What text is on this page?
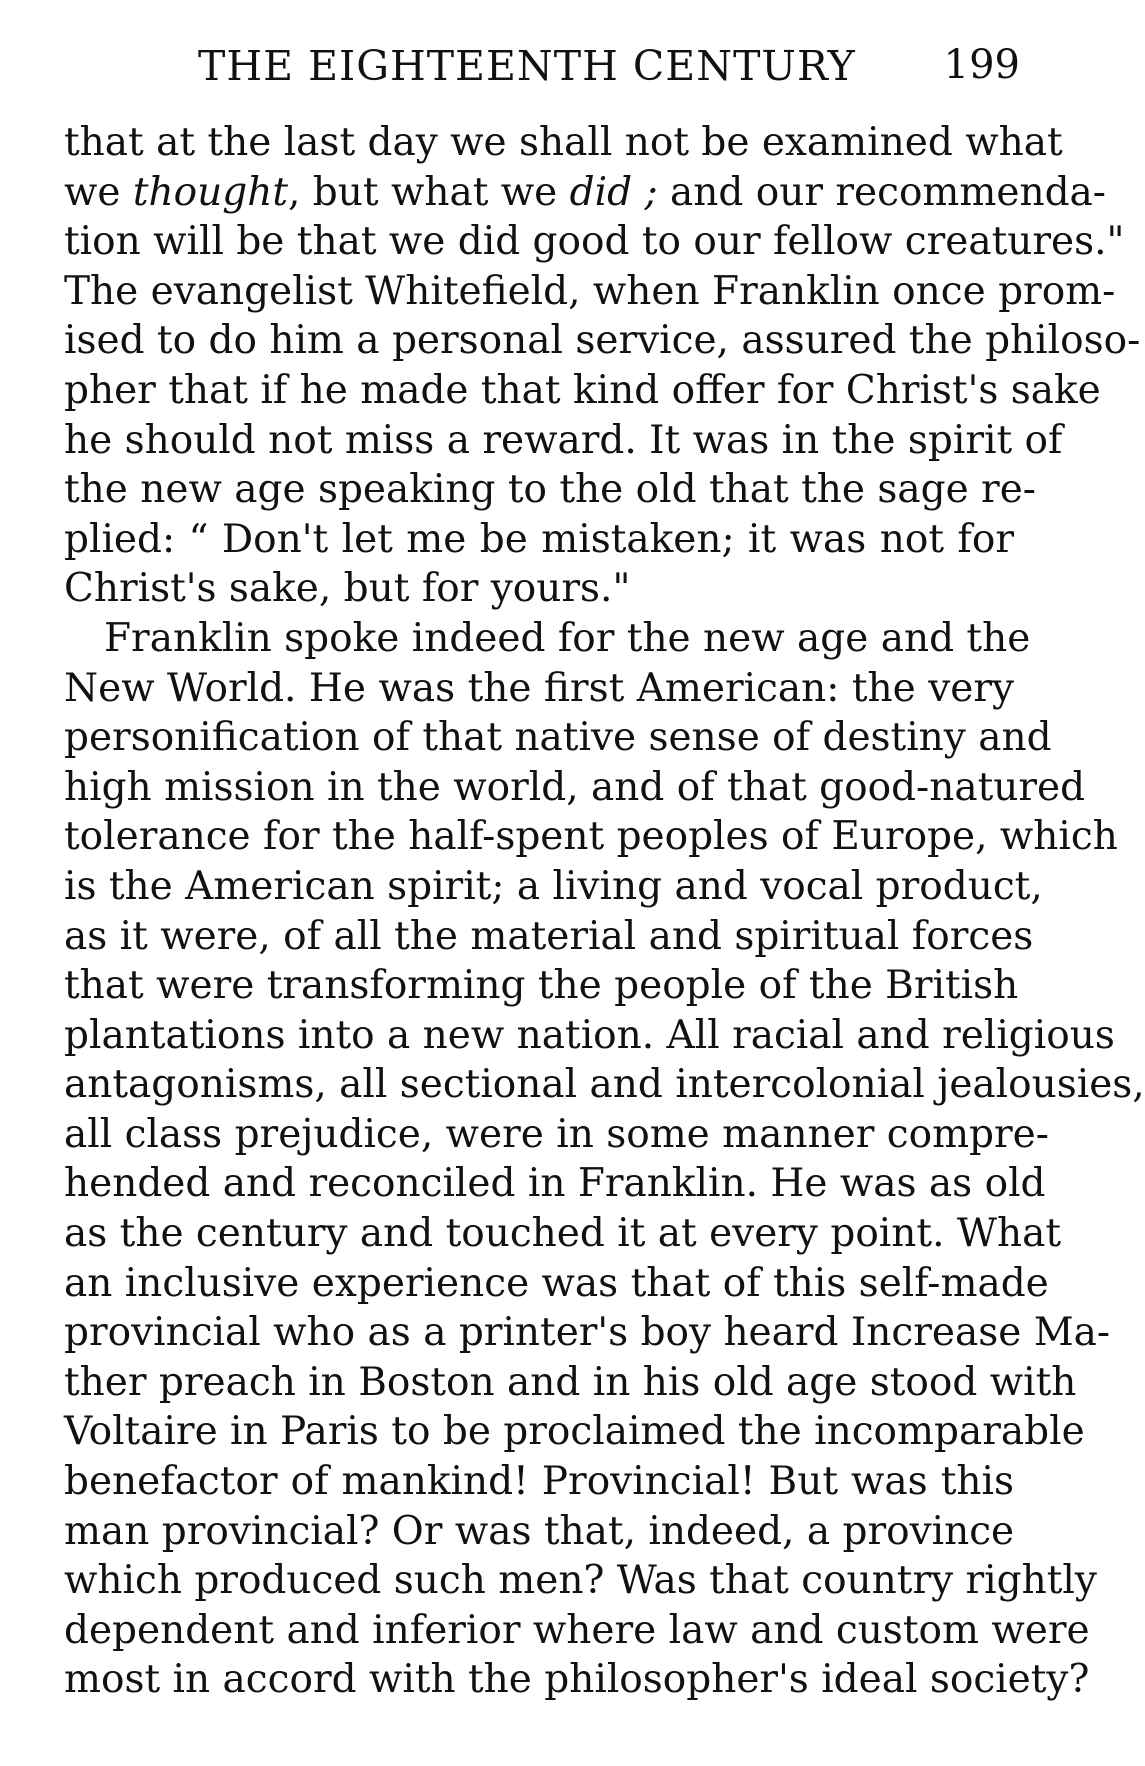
THE EIGHTEENTH CENTURY 199
that at the last day we shall not be examined what
we thought, but what we did ; and our recommenda-
tion will be that we did good to our fellow creatures."
The evangelist Whitefield, when Franklin once prom-
ised to do him a personal service, assured the philoso-
pher that if he made that kind offer for Christ's sake
he should not miss a reward. It was in the spirit of
the new age speaking to the old that the sage re-
plied: “ Don't let me be mistaken; it was not for
Christ's sake, but for yours."
Franklin spoke indeed for the new age and the
New World. He was the first American: the very
personification of that native sense of destiny and
high mission in the world, and of that good-natured
tolerance for the half-spent peoples of Europe, which
is the American spirit; a living and vocal product,
as it were, of all the material and spiritual forces
that were transforming the people of the British
plantations into a new nation. All racial and religious
antagonisms, all sectional and intercolonial jealousies,
all class prejudice, were in some manner compre-
hended and reconciled in Franklin. He was as old
as the century and touched it at every point. What
an inclusive experience was that of this self-made
provincial who as a printer's boy heard Increase Ma-
ther preach in Boston and in his old age stood with
Voltaire in Paris to be proclaimed the incomparable
benefactor of mankind! Provincial! But was this
man provincial? Or was that, indeed, a province
which produced such men? Was that country rightly
dependent and inferior where law and custom were
most in accord with the philosopher's ideal society?
